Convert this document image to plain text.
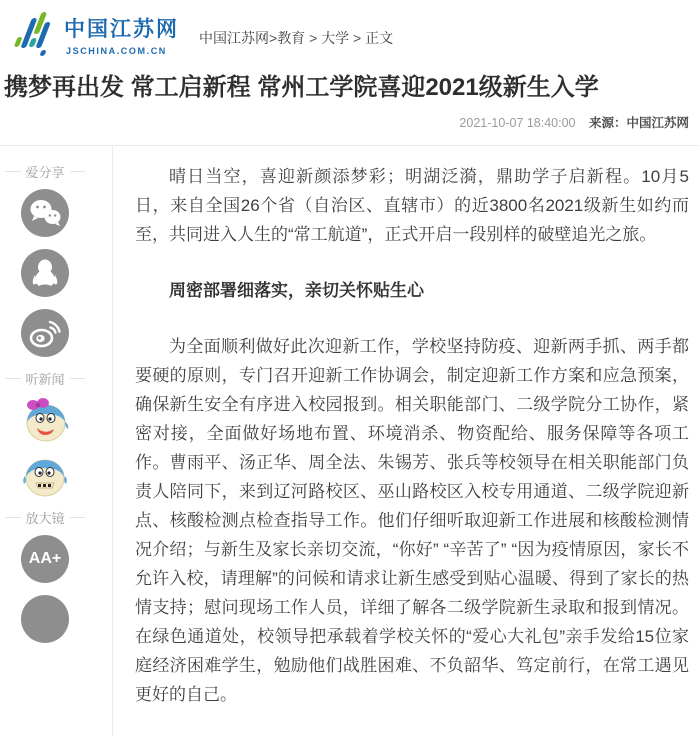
中国江苏网
JSCHINA.COM.CN
中国江苏网>教育 > 大学 > 正文
携梦再出发 常工启新程 常州工学院喜迎2021级新生入学
2021-10-07 18:40:00 来源：中国江苏网
爱分享
听新闻
放大镜
AA+

晴日当空，喜迎新颜添梦彩；明湖泛漪，鼎助学子启新程。10月5日，来自全国26个省（自治区、直辖市）的近3800名2021级新生如约而至，共同进入人生的“常工航道”，正式开启一段别样的破壁追光之旅。

周密部署细落实，亲切关怀贴生心

为全面顺利做好此次迎新工作，学校坚持防疫、迎新两手抓、两手都要硬的原则，专门召开迎新工作协调会，制定迎新工作方案和应急预案，确保新生安全有序进入校园报到。相关职能部门、二级学院分工协作，紧密对接，全面做好场地布置、环境消杀、物资配给、服务保障等各项工作。曹雨平、汤正华、周全法、朱锡芳、张兵等校领导在相关职能部门负责人陪同下，来到辽河路校区、巫山路校区入校专用通道、二级学院迎新点、核酸检测点检查指导工作。他们仔细听取迎新工作进展和核酸检测情况介绍；与新生及家长亲切交流，“你好” “辛苦了” “因为疫情原因，家长不允许入校，请理解”的问候和请求让新生感受到贴心温暖、得到了家长的热情支持；慰问现场工作人员，详细了解各二级学院新生录取和报到情况。在绿色通道处，校领导把承载着学校关怀的“爱心大礼包”亲手发给15位家庭经济困难学生，勉励他们战胜困难、不负韶华、笃定前行，在常工遇见更好的自己。
